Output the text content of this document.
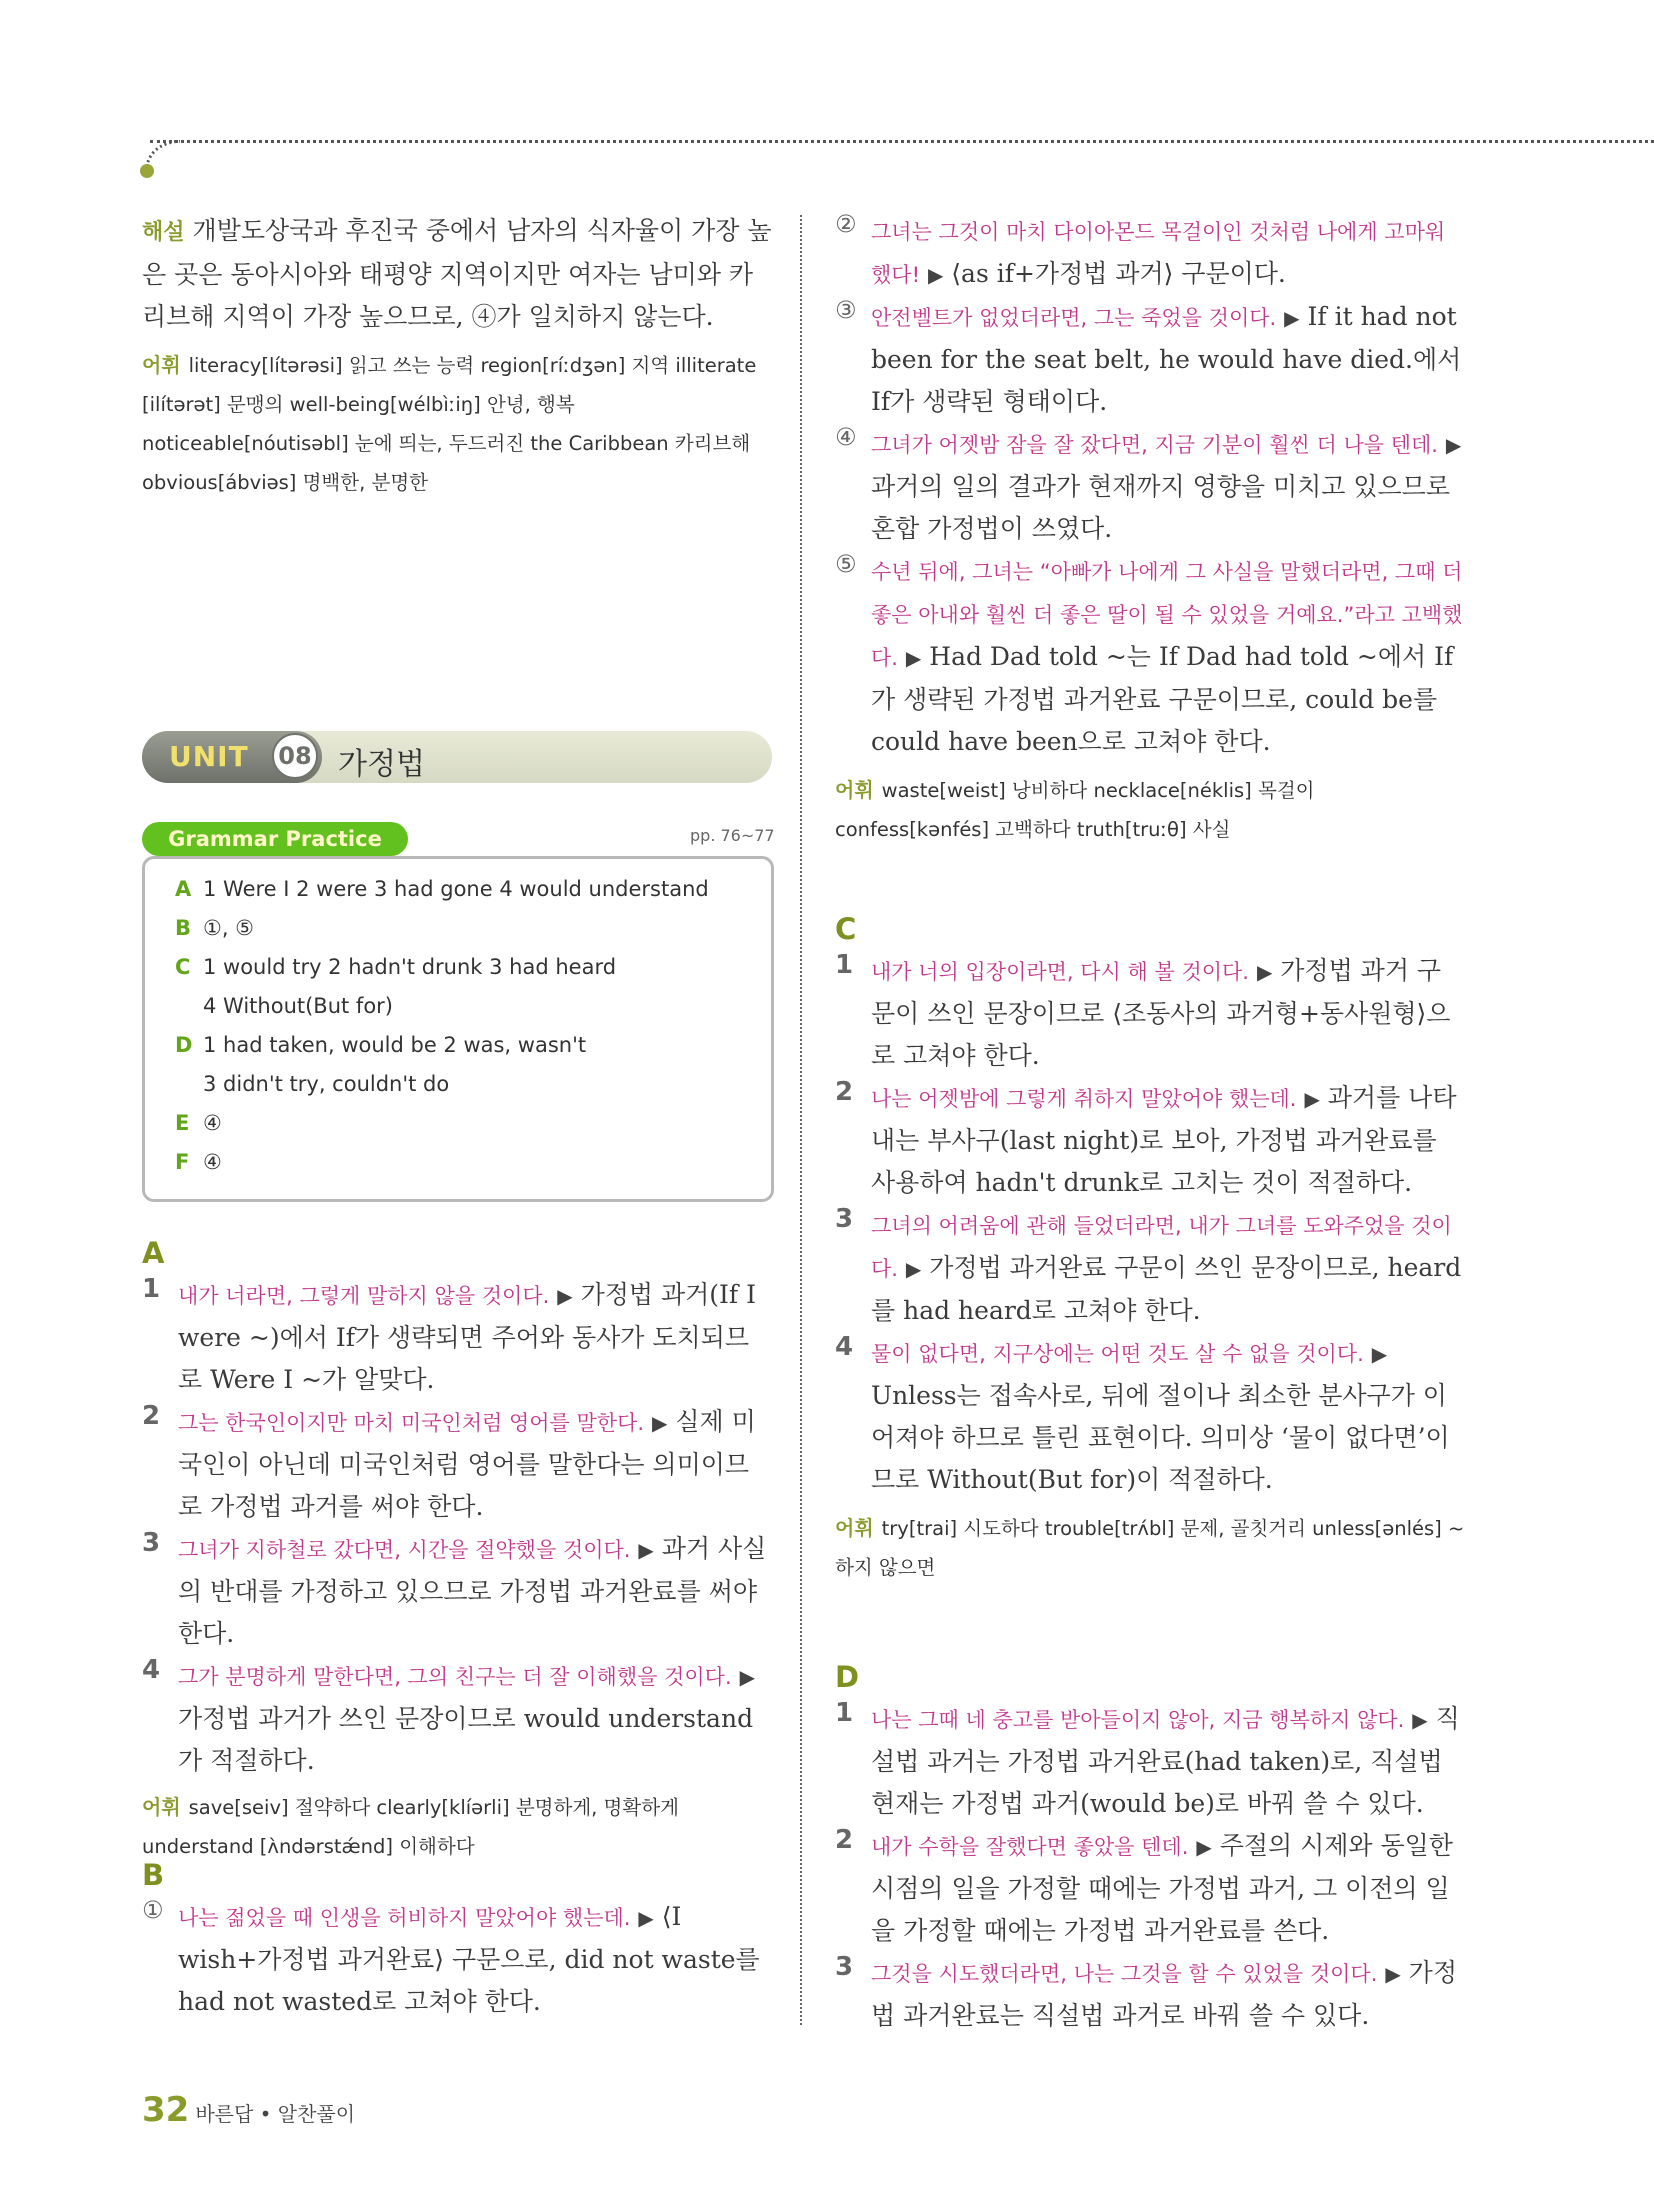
해설 개발도상국과 후진국 중에서 남자의 식자율이 가장 높은 곳은 동아시아와 태평양 지역이지만 여자는 남미와 카리브해 지역이 가장 높으므로, ④가 일치하지 않는다.

어휘 literacy[lítərəsi] 읽고 쓰는 능력 region[ríːdʒən] 지역 illiterate [ilítərət] 문맹의 well-being[wélbìːiŋ] 안녕, 행복 noticeable[nóutisəbl] 눈에 띄는, 두드러진 the Caribbean 카리브해 obvious[ábviəs] 명백한, 분명한

UNIT 08 가정법
Grammar Practice	pp. 76~77
A 1 Were I 2 were 3 had gone 4 would understand
B ①, ⑤
C 1 would try 2 hadn't drunk 3 had heard
4 Without(But for)
D 1 had taken, would be 2 was, wasn't
3 didn't try, couldn't do
E ④
F ④

A

1 내가 너라면, 그렇게 말하지 않을 것이다. ▶ 가정법 과거(If I were ~)에서 If가 생략되면 주어와 동사가 도치되므로 Were I ~가 알맞다.

2 그는 한국인이지만 마치 미국인처럼 영어를 말한다. ▶ 실제 미국인이 아닌데 미국인처럼 영어를 말한다는 의미이므로 가정법 과거를 써야 한다.

3 그녀가 지하철로 갔다면, 시간을 절약했을 것이다. ▶ 과거 사실의 반대를 가정하고 있으므로 가정법 과거완료를 써야 한다.

4 그가 분명하게 말한다면, 그의 친구는 더 잘 이해했을 것이다. ▶ 가정법 과거가 쓰인 문장이므로 would understand가 적절하다.

어휘 save[seiv] 절약하다 clearly[klíərli] 분명하게, 명확하게 understand [ʌ̀ndərstǽnd] 이해하다

B

① 나는 젊었을 때 인생을 허비하지 말았어야 했는데. ▶ ⟨I wish+가정법 과거완료⟩ 구문으로, did not waste를 had not wasted로 고쳐야 한다.

② 그녀는 그것이 마치 다이아몬드 목걸이인 것처럼 나에게 고마워했다! ▶ ⟨as if+가정법 과거⟩ 구문이다.

③ 안전벨트가 없었더라면, 그는 죽었을 것이다. ▶ If it had not been for the seat belt, he would have died.에서 If가 생략된 형태이다.

④ 그녀가 어젯밤 잠을 잘 잤다면, 지금 기분이 훨씬 더 나을 텐데. ▶ 과거의 일의 결과가 현재까지 영향을 미치고 있으므로 혼합 가정법이 쓰였다.

⑤ 수년 뒤에, 그녀는 “아빠가 나에게 그 사실을 말했더라면, 그때 더 좋은 아내와 훨씬 더 좋은 딸이 될 수 있었을 거예요.”라고 고백했다. ▶ Had Dad told ~는 If Dad had told ~에서 If가 생략된 가정법 과거완료 구문이므로, could be를 could have been으로 고쳐야 한다.

어휘 waste[weist] 낭비하다 necklace[néklis] 목걸이 confess[kənfés] 고백하다 truth[truːθ] 사실

C

1 내가 너의 입장이라면, 다시 해 볼 것이다. ▶ 가정법 과거 구문이 쓰인 문장이므로 ⟨조동사의 과거형+동사원형⟩으로 고쳐야 한다.

2 나는 어젯밤에 그렇게 취하지 말았어야 했는데. ▶ 과거를 나타내는 부사구(last night)로 보아, 가정법 과거완료를 사용하여 hadn't drunk로 고치는 것이 적절하다.

3 그녀의 어려움에 관해 들었더라면, 내가 그녀를 도와주었을 것이다. ▶ 가정법 과거완료 구문이 쓰인 문장이므로, heard를 had heard로 고쳐야 한다.

4 물이 없다면, 지구상에는 어떤 것도 살 수 없을 것이다. ▶ Unless는 접속사로, 뒤에 절이나 최소한 분사구가 이어져야 하므로 틀린 표현이다. 의미상 ‘물이 없다면’이므로 Without(But for)이 적절하다.

어휘 try[trai] 시도하다 trouble[trʌ́bl] 문제, 골칫거리 unless[ənlés] ~하지 않으면

D

1 나는 그때 네 충고를 받아들이지 않아, 지금 행복하지 않다. ▶ 직설법 과거는 가정법 과거완료(had taken)로, 직설법 현재는 가정법 과거(would be)로 바꿔 쓸 수 있다.

2 내가 수학을 잘했다면 좋았을 텐데. ▶ 주절의 시제와 동일한 시점의 일을 가정할 때에는 가정법 과거, 그 이전의 일을 가정할 때에는 가정법 과거완료를 쓴다.

3 그것을 시도했더라면, 나는 그것을 할 수 있었을 것이다. ▶ 가정법 과거완료는 직설법 과거로 바꿔 쓸 수 있다.

32 바른답 • 알찬풀이
